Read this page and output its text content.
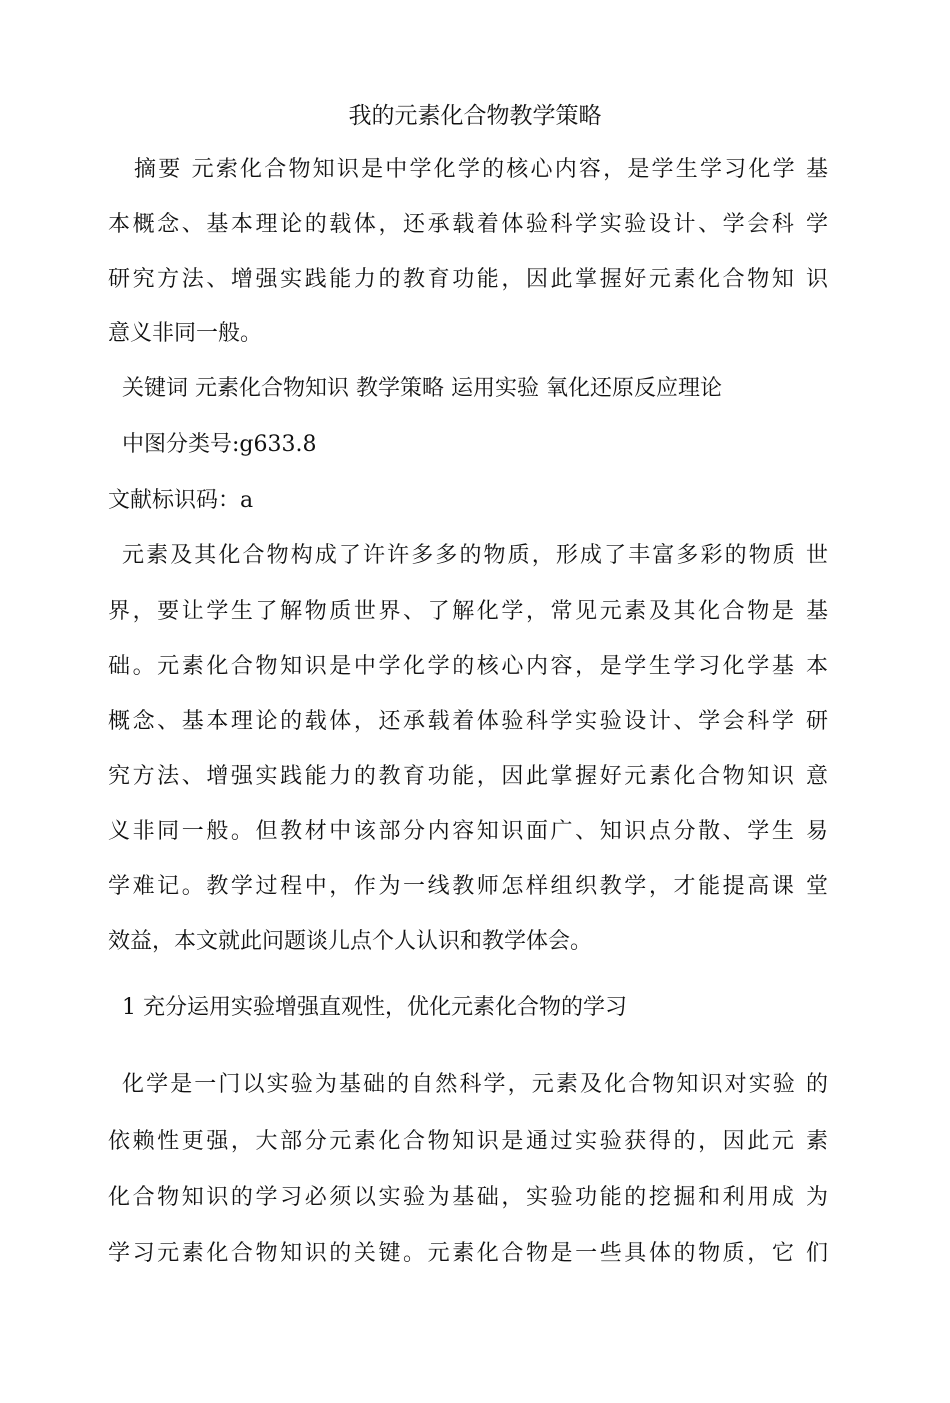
我的元素化合物教学策略
摘要 元索化合物知识是中学化学的核心内容，是学生学习化学 基
本概念、基本理论的载体，还承载着体验科学实验设计、学会科 学
研究方法、增强实践能力的教育功能，因此掌握好元素化合物知 识
意义非同一般。
关键词 元素化合物知识 教学策略 运用实验 氧化还原反应理论
中图分类号:g633.8
文献标识码：a
元素及其化合物构成了许许多多的物质，形成了丰富多彩的物质 世
界，要让学生了解物质世界、了解化学，常见元素及其化合物是 基
础。元素化合物知识是中学化学的核心内容，是学生学习化学基 本
概念、基本理论的载体，还承载着体验科学实验设计、学会科学 研
究方法、增强实践能力的教育功能，因此掌握好元素化合物知识 意
义非同一般。但教材中该部分内容知识面广、知识点分散、学生 易
学难记。教学过程中，作为一线教师怎样组织教学，才能提高课 堂
效益，本文就此问题谈儿点个人认识和教学体会。
1 充分运用实验增强直观性，优化元素化合物的学习
化学是一门以实验为基础的自然科学，元素及化合物知识对实验 的
依赖性更强，大部分元素化合物知识是通过实验获得的，因此元 素
化合物知识的学习必须以实验为基础，实验功能的挖掘和利用成 为
学习元素化合物知识的关键。元素化合物是一些具体的物质，它 们
